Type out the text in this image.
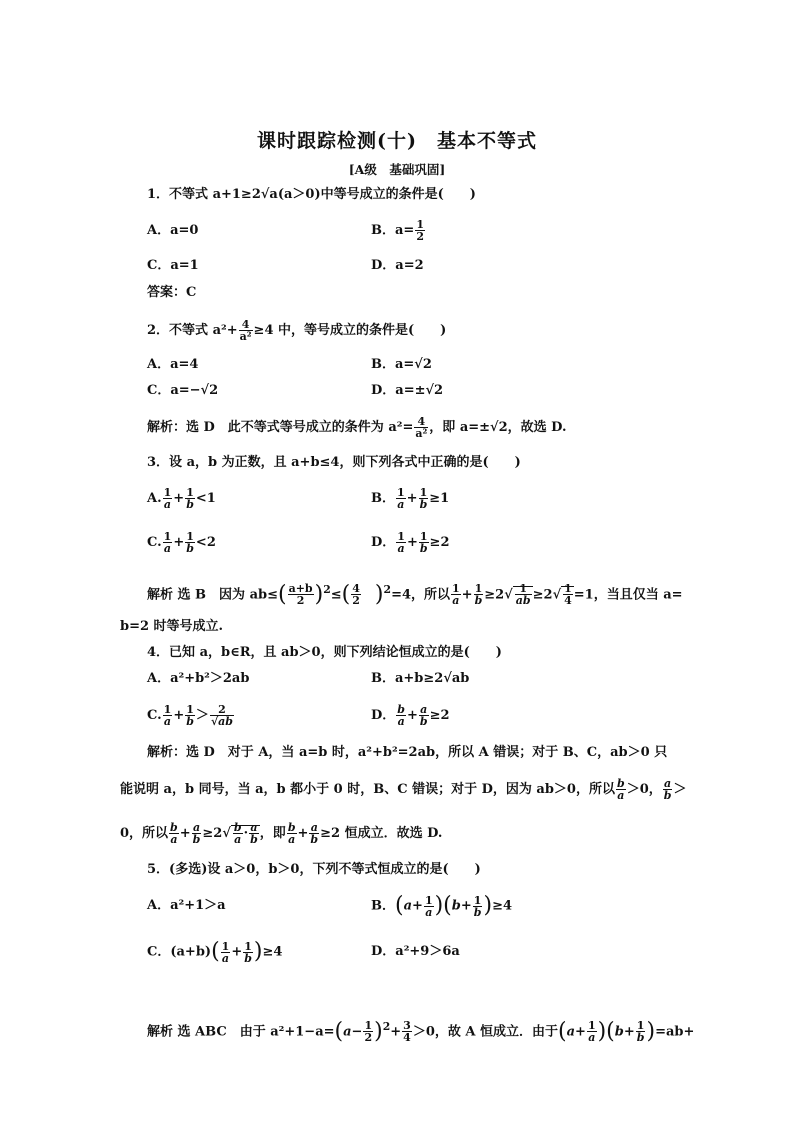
课时跟踪检测(十)　基本不等式
[A级　基础巩固]
1．不等式 a+1≥2√a(a＞0)中等号成立的条件是(　　)
A．a=0	B．$a= \frac{1}{2}$
C．a=1	D．a=2
答案：C
2．不等式 $a^2+ \frac{4}{\text{a²}} \ge 4$ 中，等号成立的条件是(　　)
A．a=4	B．a=√2
C．a=−√2	D．a=±√2
解析：选 D　此不等式等号成立的条件为 $a^2= \frac{4}{\text{a²}}$ ，即 a=±√2，故选 D.
3．设 a，b 为正数，且 a+b≤4，则下列各式中正确的是(　　)
A. $\frac{1}{a} + \frac{1}{b} <1$	B． $\frac{1}{a} + \frac{1}{b} \ge 1$
C. $\frac{1}{a} + \frac{1}{b} <2$	D． $\frac{1}{a} + \frac{1}{b} \ge 2$
解析 选 B　因为 $ab\le( \frac{a+b}{2} )^2\le( \frac{4}{2}$
   )$^2$=4，所以 $\frac{1}{a} + \frac{1}{b} \ge 2√ \frac{1}{ab} \ge 2√ \frac{1}{4} =1$，当且仅当 a=
b=2 时等号成立.
4．已知 a，b∈R，且 ab＞0，则下列结论恒成立的是(　　)
A．a²+b²＞2ab	B．a+b≥2√ab
C. $\frac{1}{a} + \frac{1}{b} > \frac{2}{√ab}$	D． $\frac{b}{a} + \frac{a}{b} \ge 2$
解析：选 D　对于 A，当 a=b 时，a²+b²=2ab，所以 A 错误；对于 B、C，ab＞0 只
能说明 a，b 同号，当 a，b 都小于 0 时，B、C 错误；对于 D，因为 ab＞0，所以 $\frac{b}{a} >0$， $\frac{a}{b}$ ＞
0，所以 $\frac{b}{a} + \frac{a}{b} \ge 2√ \frac{b}{a} \cdot \frac{a}{b}$ ，即 $\frac{b}{a} + \frac{a}{b} \ge 2$ 恒成立．故选 D.
5．(多选)设 a＞0，b＞0，下列不等式恒成立的是(　　)
A．a²+1＞a	B．$(a+ \frac{1}{a} )(b+ \frac{1}{b} )\ge 4$
C．$(a+b)( \frac{1}{a} + \frac{1}{b} )\ge 4$	D．a²+9＞6a
解析 选 ABC　由于 $a^2+1-a=(a- \frac{1}{2} )^2+ \frac{3}{4} >0$，故 A 恒成立．由于$(a+ \frac{1}{a} )(b+ \frac{1}{b} )=ab+$
